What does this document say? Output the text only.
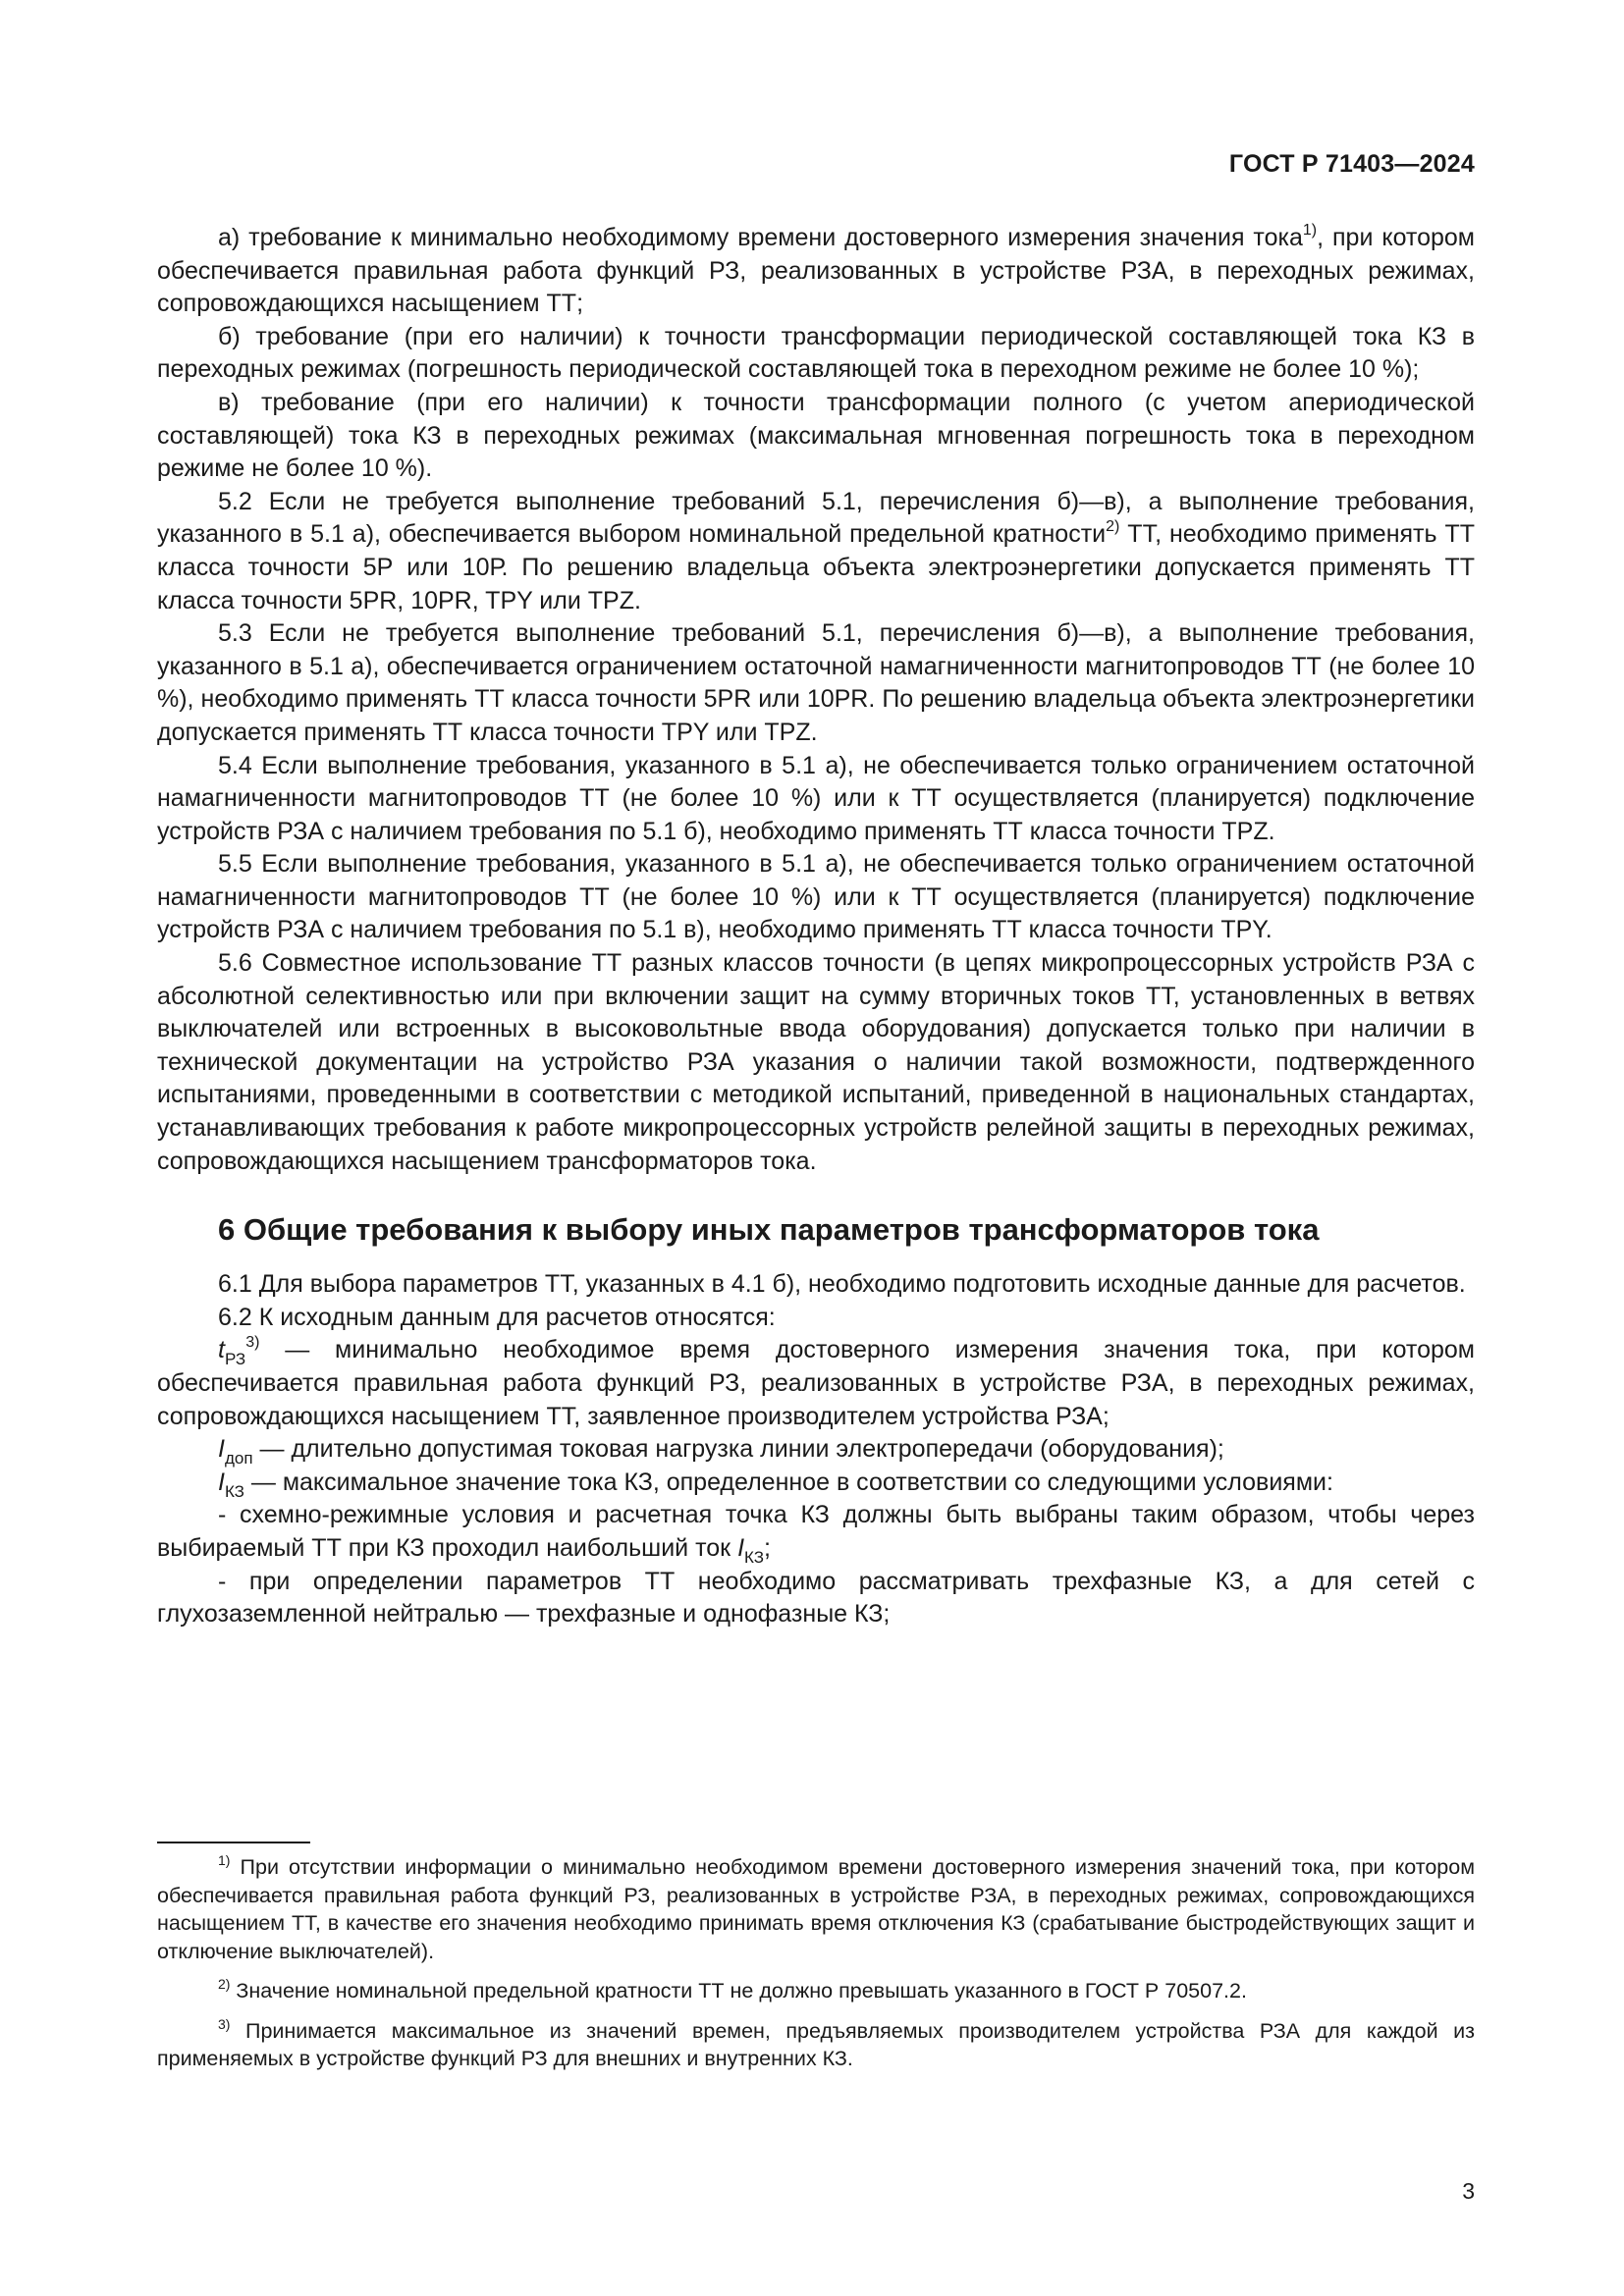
ГОСТ Р 71403—2024

а) требование к минимально необходимому времени достоверного измерения значения тока$^{1)}$, при котором обеспечивается правильная работа функций РЗ, реализованных в устройстве РЗА, в переходных режимах, сопровождающихся насыщением ТТ;

б) требование (при его наличии) к точности трансформации периодической составляющей тока КЗ в переходных режимах (погрешность периодической составляющей тока в переходном режиме не более 10 %);

в) требование (при его наличии) к точности трансформации полного (с учетом апериодической составляющей) тока КЗ в переходных режимах (максимальная мгновенная погрешность тока в переходном режиме не более 10 %).

5.2 Если не требуется выполнение требований 5.1, перечисления б)—в), а выполнение требования, указанного в 5.1 а), обеспечивается выбором номинальной предельной кратности$^{2)}$ ТТ, необходимо применять ТТ класса точности 5Р или 10Р. По решению владельца объекта электроэнергетики допускается применять ТТ класса точности 5PR, 10PR, TPY или TPZ.

5.3 Если не требуется выполнение требований 5.1, перечисления б)—в), а выполнение требования, указанного в 5.1 а), обеспечивается ограничением остаточной намагниченности магнитопроводов ТТ (не более 10 %), необходимо применять ТТ класса точности 5PR или 10PR. По решению владельца объекта электроэнергетики допускается применять ТТ класса точности TPY или TPZ.

5.4 Если выполнение требования, указанного в 5.1 а), не обеспечивается только ограничением остаточной намагниченности магнитопроводов ТТ (не более 10 %) или к ТТ осуществляется (планируется) подключение устройств РЗА с наличием требования по 5.1 б), необходимо применять ТТ класса точности TPZ.

5.5 Если выполнение требования, указанного в 5.1 а), не обеспечивается только ограничением остаточной намагниченности магнитопроводов ТТ (не более 10 %) или к ТТ осуществляется (планируется) подключение устройств РЗА с наличием требования по 5.1 в), необходимо применять ТТ класса точности TPY.

5.6 Совместное использование ТТ разных классов точности (в цепях микропроцессорных устройств РЗА с абсолютной селективностью или при включении защит на сумму вторичных токов ТТ, установленных в ветвях выключателей или встроенных в высоковольтные ввода оборудования) допускается только при наличии в технической документации на устройство РЗА указания о наличии такой возможности, подтвержденного испытаниями, проведенными в соответствии с методикой испытаний, приведенной в национальных стандартах, устанавливающих требования к работе микропроцессорных устройств релейной защиты в переходных режимах, сопровождающихся насыщением трансформаторов тока.

6 Общие требования к выбору иных параметров трансформаторов тока

6.1 Для выбора параметров ТТ, указанных в 4.1 б), необходимо подготовить исходные данные для расчетов.

6.2 К исходным данным для расчетов относятся:

$t_{РЗ}^{3)}$ — минимально необходимое время достоверного измерения значения тока, при котором обеспечивается правильная работа функций РЗ, реализованных в устройстве РЗА, в переходных режимах, сопровождающихся насыщением ТТ, заявленное производителем устройства РЗА;

$I_{доп}$ — длительно допустимая токовая нагрузка линии электропередачи (оборудования);

$I_{КЗ}$ — максимальное значение тока КЗ, определенное в соответствии со следующими условиями:

- схемно-режимные условия и расчетная точка КЗ должны быть выбраны таким образом, чтобы через выбираемый ТТ при КЗ проходил наибольший ток $I_{КЗ}$;

- при определении параметров ТТ необходимо рассматривать трехфазные КЗ, а для сетей с глухозаземленной нейтралью — трехфазные и однофазные КЗ;

$^{1)}$ При отсутствии информации о минимально необходимом времени достоверного измерения значений тока, при котором обеспечивается правильная работа функций РЗ, реализованных в устройстве РЗА, в переходных режимах, сопровождающихся насыщением ТТ, в качестве его значения необходимо принимать время отключения КЗ (срабатывание быстродействующих защит и отключение выключателей).

$^{2)}$ Значение номинальной предельной кратности ТТ не должно превышать указанного в ГОСТ Р 70507.2.

$^{3)}$ Принимается максимальное из значений времен, предъявляемых производителем устройства РЗА для каждой из применяемых в устройстве функций РЗ для внешних и внутренних КЗ.

3
